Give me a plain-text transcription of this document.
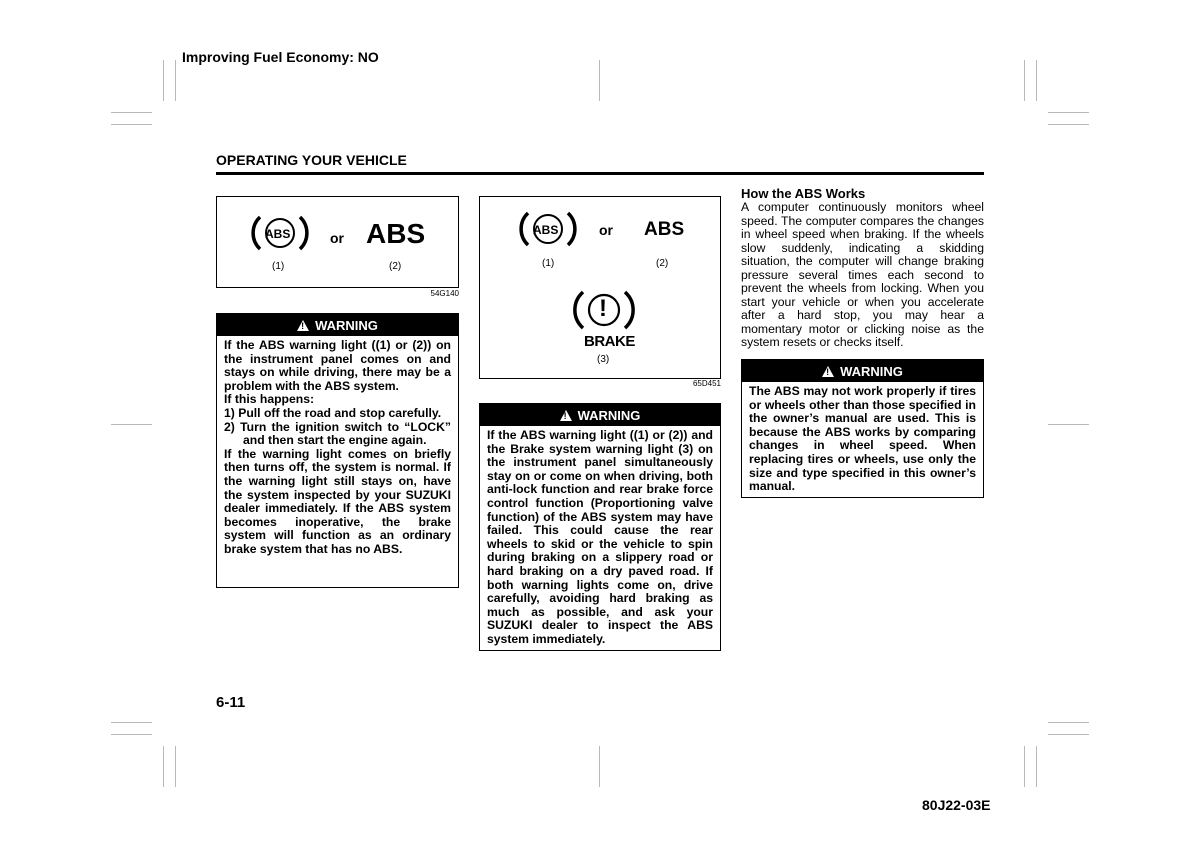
Improving Fuel Economy: NO
OPERATING YOUR VEHICLE
ABS	or ABS
(1)	(2)
54G140
! WARNING

If the ABS warning light ((1) or (2)) on the instrument panel comes on and stays on while driving, there may be a problem with the ABS system.

If this happens:

1) Pull off the road and stop carefully.
2) Turn the ignition switch to “LOCK” and then start the engine again.

If the warning light comes on briefly then turns off, the system is normal. If the warning light still stays on, have the system inspected by your SUZUKI dealer immediately. If the ABS system becomes inoperative, the brake system will function as an ordinary brake system that has no ABS.

ABS	or ABS
(1)	(2)
!
BRAKE
(3)
65D451
! WARNING

If the ABS warning light ((1) or (2)) and the Brake system warning light (3) on the instrument panel simultaneously stay on or come on when driving, both anti-lock function and rear brake force control function (Proportioning valve function) of the ABS system may have failed. This could cause the rear wheels to skid or the vehicle to spin during braking on a slippery road or hard braking on a dry paved road. If both warning lights come on, drive carefully, avoiding hard braking as much as possible, and ask your SUZUKI dealer to inspect the ABS system immediately.

How the ABS Works
A computer continuously monitors wheel speed. The computer compares the changes in wheel speed when braking. If the wheels slow suddenly, indicating a skidding situation, the computer will change braking pressure several times each second to prevent the wheels from locking. When you start your vehicle or when you accelerate after a hard stop, you may hear a momentary motor or clicking noise as the system resets or checks itself.
! WARNING

The ABS may not work properly if tires or wheels other than those specified in the owner’s manual are used. This is because the ABS works by comparing changes in wheel speed. When replacing tires or wheels, use only the size and type specified in this owner’s manual.

6-11
80J22-03E
